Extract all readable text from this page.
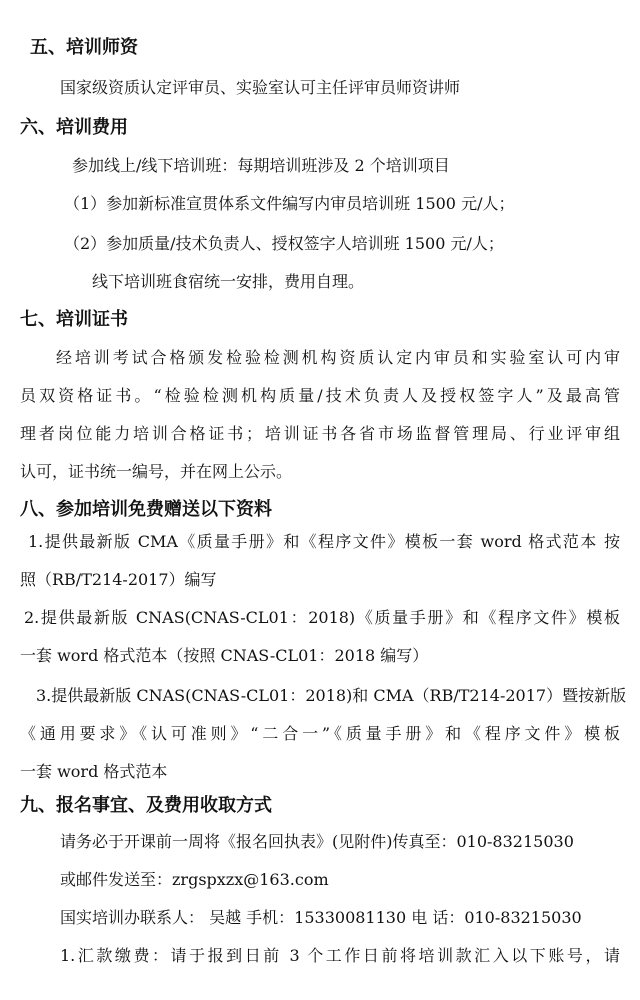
五、培训师资
国家级资质认定评审员、实验室认可主任评审员师资讲师
六、培训费用
参加线上/线下培训班：每期培训班涉及 2 个培训项目
（1）参加新标准宣贯体系文件编写内审员培训班 1500 元/人；
（2）参加质量/技术负责人、授权签字人培训班 1500 元/人；
线下培训班食宿统一安排，费用自理。
七、培训证书
经培训考试合格颁发检验检测机构资质认定内审员和实验室认可内审
员双资格证书。“检验检测机构质量/技术负责人及授权签字人”及最高管
理者岗位能力培训合格证书；培训证书各省市场监督管理局、行业评审组
认可，证书统一编号，并在网上公示。
八、参加培训免费赠送以下资料
1.提供最新版 CMA《质量手册》和《程序文件》模板一套 word 格式范本 按
照（RB/T214-2017）编写
2.提供最新版 CNAS(CNAS-CL01：2018)《质量手册》和《程序文件》模板
一套 word 格式范本（按照 CNAS-CL01：2018 编写）
3.提供最新版 CNAS(CNAS-CL01：2018)和 CMA（RB/T214-2017）暨按新版
《通用要求》《认可准则》“二合一”《质量手册》和《程序文件》模板
一套 word 格式范本
九、报名事宜、及费用收取方式
请务必于开课前一周将《报名回执表》(见附件)传真至：010-83215030
或邮件发送至：zrgspxzx@163.com
国实培训办联系人： 吴越 手机：15330081130 电 话：010-83215030
1.汇款缴费：请于报到日前 3 个工作日前将培训款汇入以下账号，请
